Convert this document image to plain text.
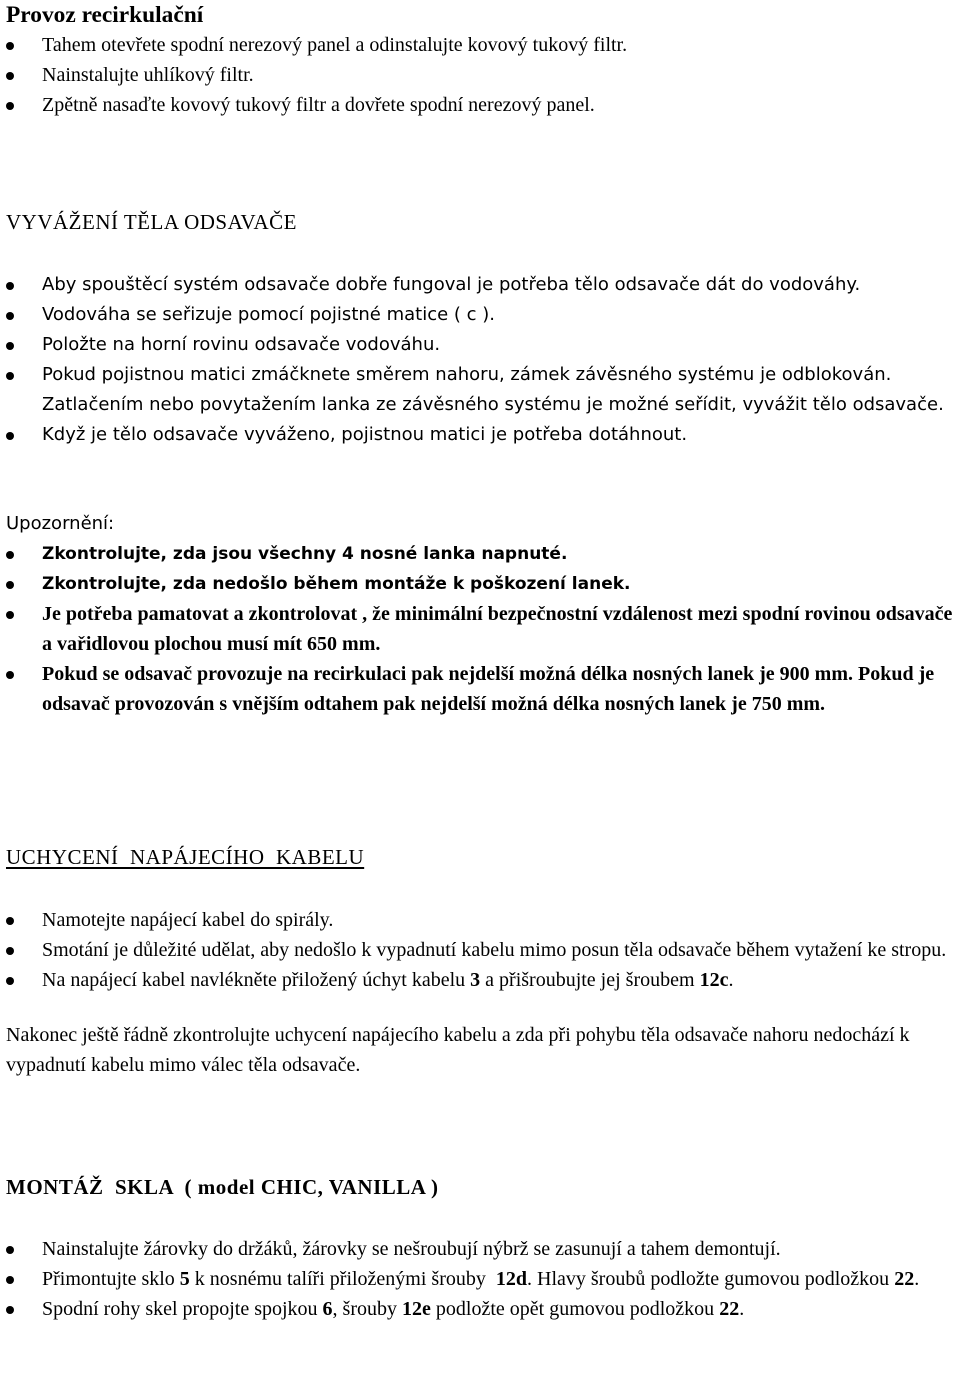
Provoz recirkulační
Tahem otevřete spodní nerezový panel a odinstalujte kovový tukový filtr.
Nainstalujte uhlíkový filtr.
Zpětně nasaďte kovový tukový filtr a dovřete spodní nerezový panel.
VYVÁŽENÍ TĚLA ODSAVAČE
Aby spouštěcí systém odsavače dobře fungoval je potřeba tělo odsavače dát do vodováhy.
Vodováha se seřizuje pomocí pojistné matice ( c ).
Položte na horní rovinu odsavače vodováhu.
Pokud pojistnou matici zmáčknete směrem nahoru, zámek závěsného systému je odblokován. Zatlačením nebo povytažením lanka ze závěsného systému je možné seřídit, vyvážit tělo odsavače.
Když je tělo odsavače vyváženo, pojistnou matici je potřeba dotáhnout.

Upozornění:

Zkontrolujte, zda jsou všechny 4 nosné lanka napnuté.
Zkontrolujte, zda nedošlo během montáže k poškození lanek.
Je potřeba pamatovat a zkontrolovat , že minimální bezpečnostní vzdálenost mezi spodní rovinou odsavače a vařidlovou plochou musí mít 650 mm.
Pokud se odsavač provozuje na recirkulaci pak nejdelší možná délka nosných lanek je 900 mm. Pokud je odsavač provozován s vnějším odtahem pak nejdelší možná délka nosných lanek je 750 mm.
UCHYCENÍ  NAPÁJECÍHO  KABELU
Namotejte napájecí kabel do spirály.
Smotání je důležité udělat, aby nedošlo k vypadnutí kabelu mimo posun těla odsavače během vytažení ke stropu.
Na napájecí kabel navlékněte přiložený úchyt kabelu 3 a přišroubujte jej šroubem 12c.

Nakonec ještě řádně zkontrolujte uchycení napájecího kabelu a zda při pohybu těla odsavače nahoru nedochází k vypadnutí kabelu mimo válec těla odsavače.

MONTÁŽ  SKLA  ( model CHIC, VANILLA )
Nainstalujte žárovky do držáků, žárovky se nešroubují nýbrž se zasunují a tahem demontují.
Přimontujte sklo 5 k nosnému talíři přiloženými šrouby  12d. Hlavy šroubů podložte gumovou podložkou 22.
Spodní rohy skel propojte spojkou 6, šrouby 12e podložte opět gumovou podložkou 22.
